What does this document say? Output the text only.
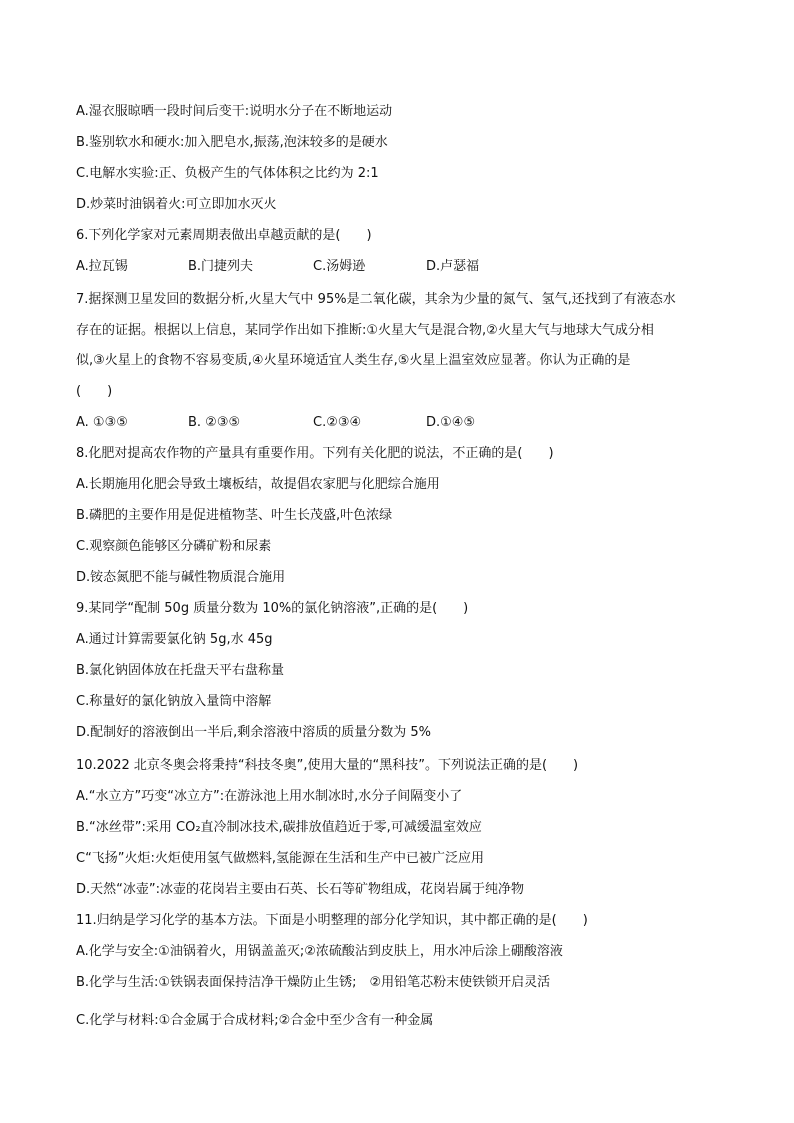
A.湿衣服晾晒一段时间后变干:说明水分子在不断地运动
B.鉴别软水和硬水:加入肥皂水,振荡,泡沫较多的是硬水
C.电解水实验:正、负极产生的气体体积之比约为 2:1
D.炒菜时油锅着火:可立即加水灭火
6.下列化学家对元素周期表做出卓越贡献的是(　　)
A.拉瓦锡	B.门捷列夫	C.汤姆逊	D.卢瑟福
7.据探测卫星发回的数据分析,火星大气中 95%是二氧化碳，其余为少量的氮气、氢气,还找到了有液态水
存在的证据。根据以上信息，某同学作出如下推断:①火星大气是混合物,②火星大气与地球大气成分相
似,③火星上的食物不容易变质,④火星环境适宜人类生存,⑤火星上温室效应显著。你认为正确的是
(　　)
A. ①③⑤	B. ②③⑤	C.②③④	D.①④⑤
8.化肥对提高农作物的产量具有重要作用。下列有关化肥的说法，不正确的是(　　)
A.长期施用化肥会导致土壤板结，故提倡农家肥与化肥综合施用
B.磷肥的主要作用是促进植物茎、叶生长茂盛,叶色浓绿
C.观察颜色能够区分磷矿粉和尿素
D.铵态氮肥不能与碱性物质混合施用
9.某同学“配制 50g 质量分数为 10%的氯化钠溶液”,正确的是(　　)
A.通过计算需要氯化钠 5g,水 45g
B.氯化钠固体放在托盘天平右盘称量
C.称量好的氯化钠放入量筒中溶解
D.配制好的溶液倒出一半后,剩余溶液中溶质的质量分数为 5%
10.2022 北京冬奥会将秉持“科技冬奥”,使用大量的“黑科技”。下列说法正确的是(　　)
A.“水立方”巧变“冰立方”:在游泳池上用水制冰时,水分子间隔变小了
B.“冰丝带”:采用 CO₂直冷制冰技术,碳排放值趋近于零,可减缓温室效应
C“飞扬”火炬:火炬使用氢气做燃料,氢能源在生活和生产中已被广泛应用
D.天然“冰壶”:冰壶的花岗岩主要由石英、长石等矿物组成，花岗岩属于纯净物
11.归纳是学习化学的基本方法。下面是小明整理的部分化学知识，其中都正确的是(　　)
A.化学与安全:①油锅着火，用锅盖盖灭;②浓硫酸沾到皮肤上，用水冲后涂上硼酸溶液
B.化学与生活:①铁锅表面保持洁净干燥防止生锈;　②用铅笔芯粉末使铁锁开启灵活
C.化学与材料:①合金属于合成材料;②合金中至少含有一种金属
